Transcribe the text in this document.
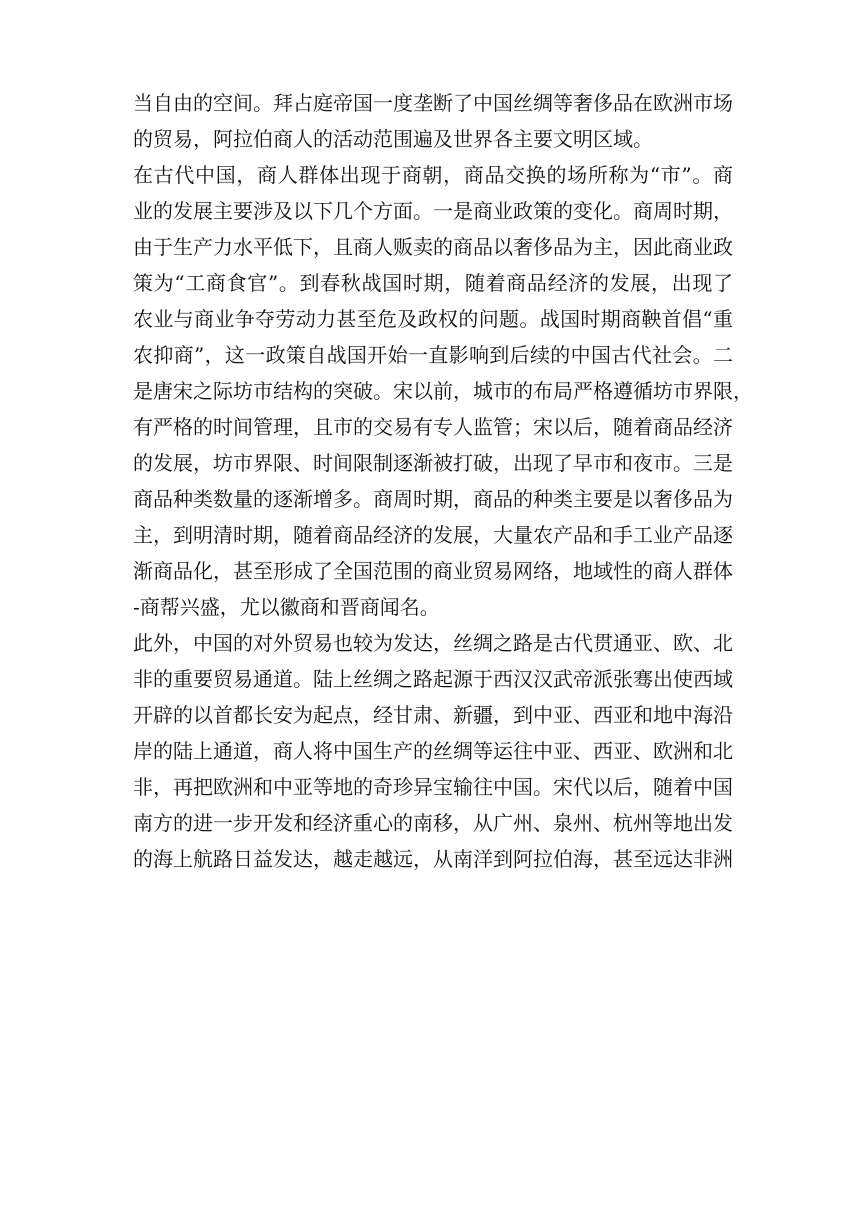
当自由的空间。拜占庭帝国一度垄断了中国丝绸等奢侈品在欧洲市场
的贸易，阿拉伯商人的活动范围遍及世界各主要文明区域。
在古代中国，商人群体出现于商朝，商品交换的场所称为“市”。商
业的发展主要涉及以下几个方面。一是商业政策的变化。商周时期，
由于生产力水平低下，且商人贩卖的商品以奢侈品为主，因此商业政
策为“工商食官”。到春秋战国时期，随着商品经济的发展，出现了
农业与商业争夺劳动力甚至危及政权的问题。战国时期商鞅首倡“重
农抑商”，这一政策自战国开始一直影响到后续的中国古代社会。二
是唐宋之际坊市结构的突破。宋以前，城市的布局严格遵循坊市界限，
有严格的时间管理，且市的交易有专人监管；宋以后，随着商品经济
的发展，坊市界限、时间限制逐渐被打破，出现了早市和夜市。三是
商品种类数量的逐渐增多。商周时期，商品的种类主要是以奢侈品为
主，到明清时期，随着商品经济的发展，大量农产品和手工业产品逐
渐商品化，甚至形成了全国范围的商业贸易网络，地域性的商人群体
-商帮兴盛，尤以徽商和晋商闻名。
此外，中国的对外贸易也较为发达，丝绸之路是古代贯通亚、欧、北
非的重要贸易通道。陆上丝绸之路起源于西汉汉武帝派张骞出使西域
开辟的以首都长安为起点，经甘肃、新疆，到中亚、西亚和地中海沿
岸的陆上通道，商人将中国生产的丝绸等运往中亚、西亚、欧洲和北
非，再把欧洲和中亚等地的奇珍异宝输往中国。宋代以后，随着中国
南方的进一步开发和经济重心的南移，从广州、泉州、杭州等地出发
的海上航路日益发达，越走越远，从南洋到阿拉伯海，甚至远达非洲
